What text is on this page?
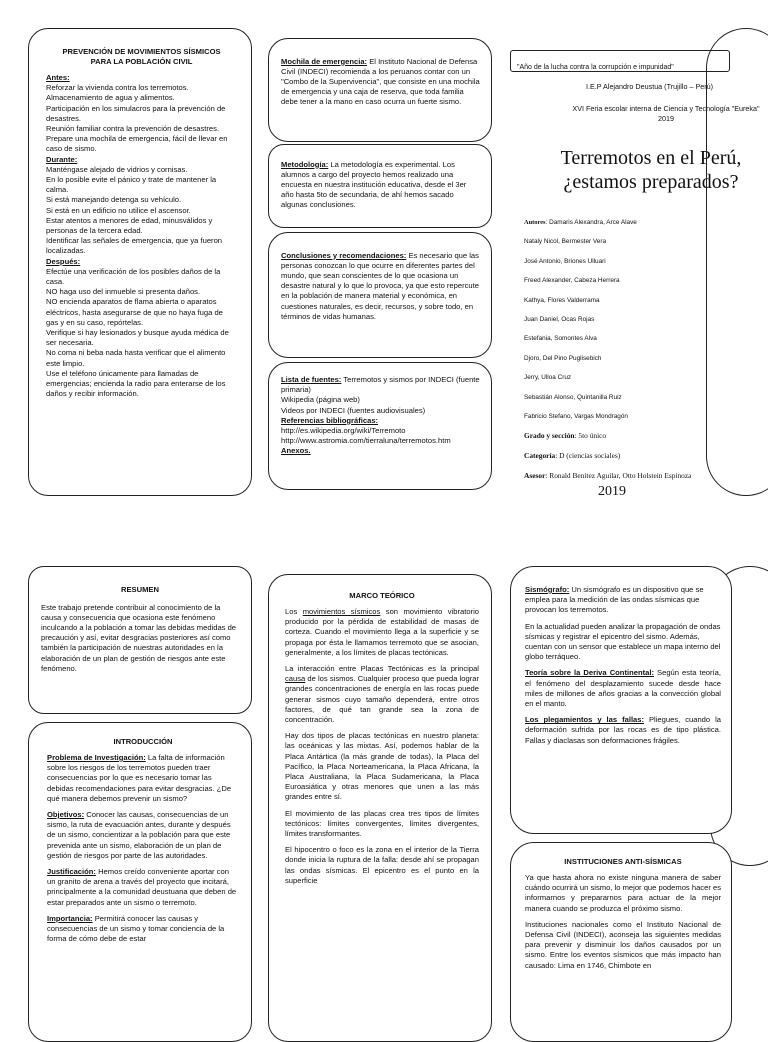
PREVENCIÓN DE MOVIMIENTOS SÍSMICOS PARA LA POBLACIÓN CIVIL

Antes:

Reforzar la vivienda contra los terremotos.

Almacenamiento de agua y alimentos.

Participación en los simulacros para la prevención de desastres.

Reunión familiar contra la prevención de desastres.

Prepare una mochila de emergencia, fácil de llevar en caso de sismo.

Durante:

Manténgase alejado de vidrios y cornisas.

En lo posible evite el pánico y trate de mantener la calma.

Si está manejando detenga su vehículo.

Si está en un edificio no utilice el ascensor.

Estar atentos a menores de edad, minusválidos y personas de la tercera edad.

Identificar las señales de emergencia, que ya fueron localizadas.

Después:

Efectúe una verificación de los posibles daños de la casa.

NO haga uso del inmueble si presenta daños.

NO encienda aparatos de flama abierta o aparatos eléctricos, hasta asegurarse de que no haya fuga de gas y en su caso, repórtelas.

Verifique si hay lesionados y busque ayuda médica de ser necesaria.

No coma ni beba nada hasta verificar que el alimento este limpio.

Use el teléfono únicamente para llamadas de emergencias; encienda la radio para enterarse de los daños y recibir información.

Mochila de emergencia: El Instituto Nacional de Defensa Civil (INDECI) recomienda a los peruanos contar con un "Combo de la Supervivencia", que consiste en una mochila de emergencia y una caja de reserva, que toda familia debe tener a la mano en caso ocurra un fuerte sismo.

Metodología: La metodología es experimental. Los alumnos a cargo del proyecto hemos realizado una encuesta en nuestra institución educativa, desde el 3er año hasta 5to de secundaria, de ahí hemos sacado algunas conclusiones.

Conclusiones y recomendaciones: Es necesario que las personas conozcan lo que ocurre en diferentes partes del mundo, que sean conscientes de lo que ocasiona un desastre natural y lo que lo provoca, ya que esto repercute en la población de manera material y económica, en cuestiones naturales, es decir, recursos, y sobre todo, en términos de vidas humanas.

Lista de fuentes: Terremotos y sismos por INDECI (fuente primaria)

Wikipedia (página web)

Videos por INDECI (fuentes audiovisuales)

Referencias bibliográficas:

http://es.wikipedia.org/wiki/Terremoto

http://www.astromia.com/tierraluna/terremotos.htm

Anexos.

"Año de la lucha contra la corrupción e impunidad"

I.E.P Alejandro Deustua (Trujillo – Perú)
XVI Feria escolar interna de Ciencia y Tecnología "Eureka" 2019
Terremotos en el Perú, ¿estamos preparados?
Autores: Damaris Alexandra, Arce Alave
Nataly Nicol, Bermester Vera
José Antonio, Briones Ulluari
Freed Alexander, Cabeza Herrera
Kathya, Flores Valderrama
Juan Daniel, Ocas Rojas
Estefania, Somontes Alva
Djoro, Del Pino Puglisebich
Jerry, Ulloa Cruz
Sebastián Alonso, Quintanilla Ruiz
Fabricio Stefano, Vargas Mondragón
Grado y sección: 5to único
Categoría: D (ciencias sociales)
Asesor: Ronald Benítez Aguilar, Otto Holstein Espinoza
2019
RESUMEN

Este trabajo pretende contribuir al conocimiento de la causa y consecuencia que ocasiona este fenómeno inculcando a la población a tomar las debidas medidas de precaución y así, evitar desgracias posteriores así como también la participación de nuestras autoridades en la elaboración de un plan de gestión de riesgos ante este fenómeno.

INTRODUCCIÓN

Problema de Investigación: La falta de información sobre los riesgos de los terremotos pueden traer consecuencias por lo que es necesario tomar las debidas recomendaciones para evitar desgracias. ¿De qué manera debemos prevenir un sismo?

Objetivos: Conocer las causas, consecuencias de un sismo, la ruta de evacuación antes, durante y después de un sismo, concientizar a la población para que este prevenida ante un sismo, elaboración de un plan de gestión de riesgos por parte de las autoridades.

Justificación: Hemos creído conveniente aportar con un granito de arena a través del proyecto que incitará, principalmente a la comunidad deustuana que deben de estar preparados ante un sismo o terremoto.

Importancia: Permitirá conocer las causas y consecuencias de un sismo y tomar conciencia de la forma de cómo debe de estar

MARCO TEÓRICO

Los movimientos sísmicos son movimiento vibratorio producido por la pérdida de estabilidad de masas de corteza. Cuando el movimiento llega a la superficie y se propaga por ésta le llamamos terremoto que se asocian, generalmente, a los límites de placas tectónicas.

La interacción entre Placas Tectónicas es la principal causa de los sismos. Cualquier proceso que pueda lograr grandes concentraciones de energía en las rocas puede generar sismos cuyo tamaño dependerá, entre otros factores, de qué tan grande sea la zona de concentración.

Hay dos tipos de placas tectónicas en nuestro planeta: las oceánicas y las mixtas. Así, podemos hablar de la Placa Antártica (la más grande de todas), la Placa del Pacífico, la Placa Norteamericana, la Placa Africana, la Placa Australiana, la Placa Sudamericana, la Placa Euroasiática y otras menores que unen a las más grandes entre sí.

El movimiento de las placas crea tres tipos de límites tectónicos: límites convergentes, límites divergentes, límites transformantes.

El hipocentro o foco es la zona en el interior de la Tierra donde inicia la ruptura de la falla: desde ahí se propagan las ondas sísmicas. El epicentro es el punto en la superficie

Sismógrafo: Un sismógrafo es un dispositivo que se emplea para la medición de las ondas sísmicas que provocan los terremotos.

En la actualidad pueden analizar la propagación de ondas sísmicas y registrar el epicentro del sismo. Además, cuentan con un sensor que establece un mapa interno del globo terráqueo.

Teoría sobre la Deriva Continental: Según esta teoría, el fenómeno del desplazamiento sucede desde hace miles de millones de años gracias a la convección global en el manto.

Los plegamientos y las fallas: Pliegues, cuando la deformación sufrida por las rocas es de tipo plástica. Fallas y diaclasas son deformaciones frágiles.

INSTITUCIONES ANTI-SÍSMICAS

Ya que hasta ahora no existe ninguna manera de saber cuándo ocurrirá un sismo, lo mejor que podemos hacer es informarnos y prepararnos para actuar de la mejor manera cuando se produzca el próximo sismo.

Instituciones nacionales como el Instituto Nacional de Defensa Civil (INDECI), aconseja las siguientes medidas para prevenir y disminuir los daños causados por un sismo. Entre los eventos sísmicos que más impacto han causado: Lima en 1746, Chimbote en
